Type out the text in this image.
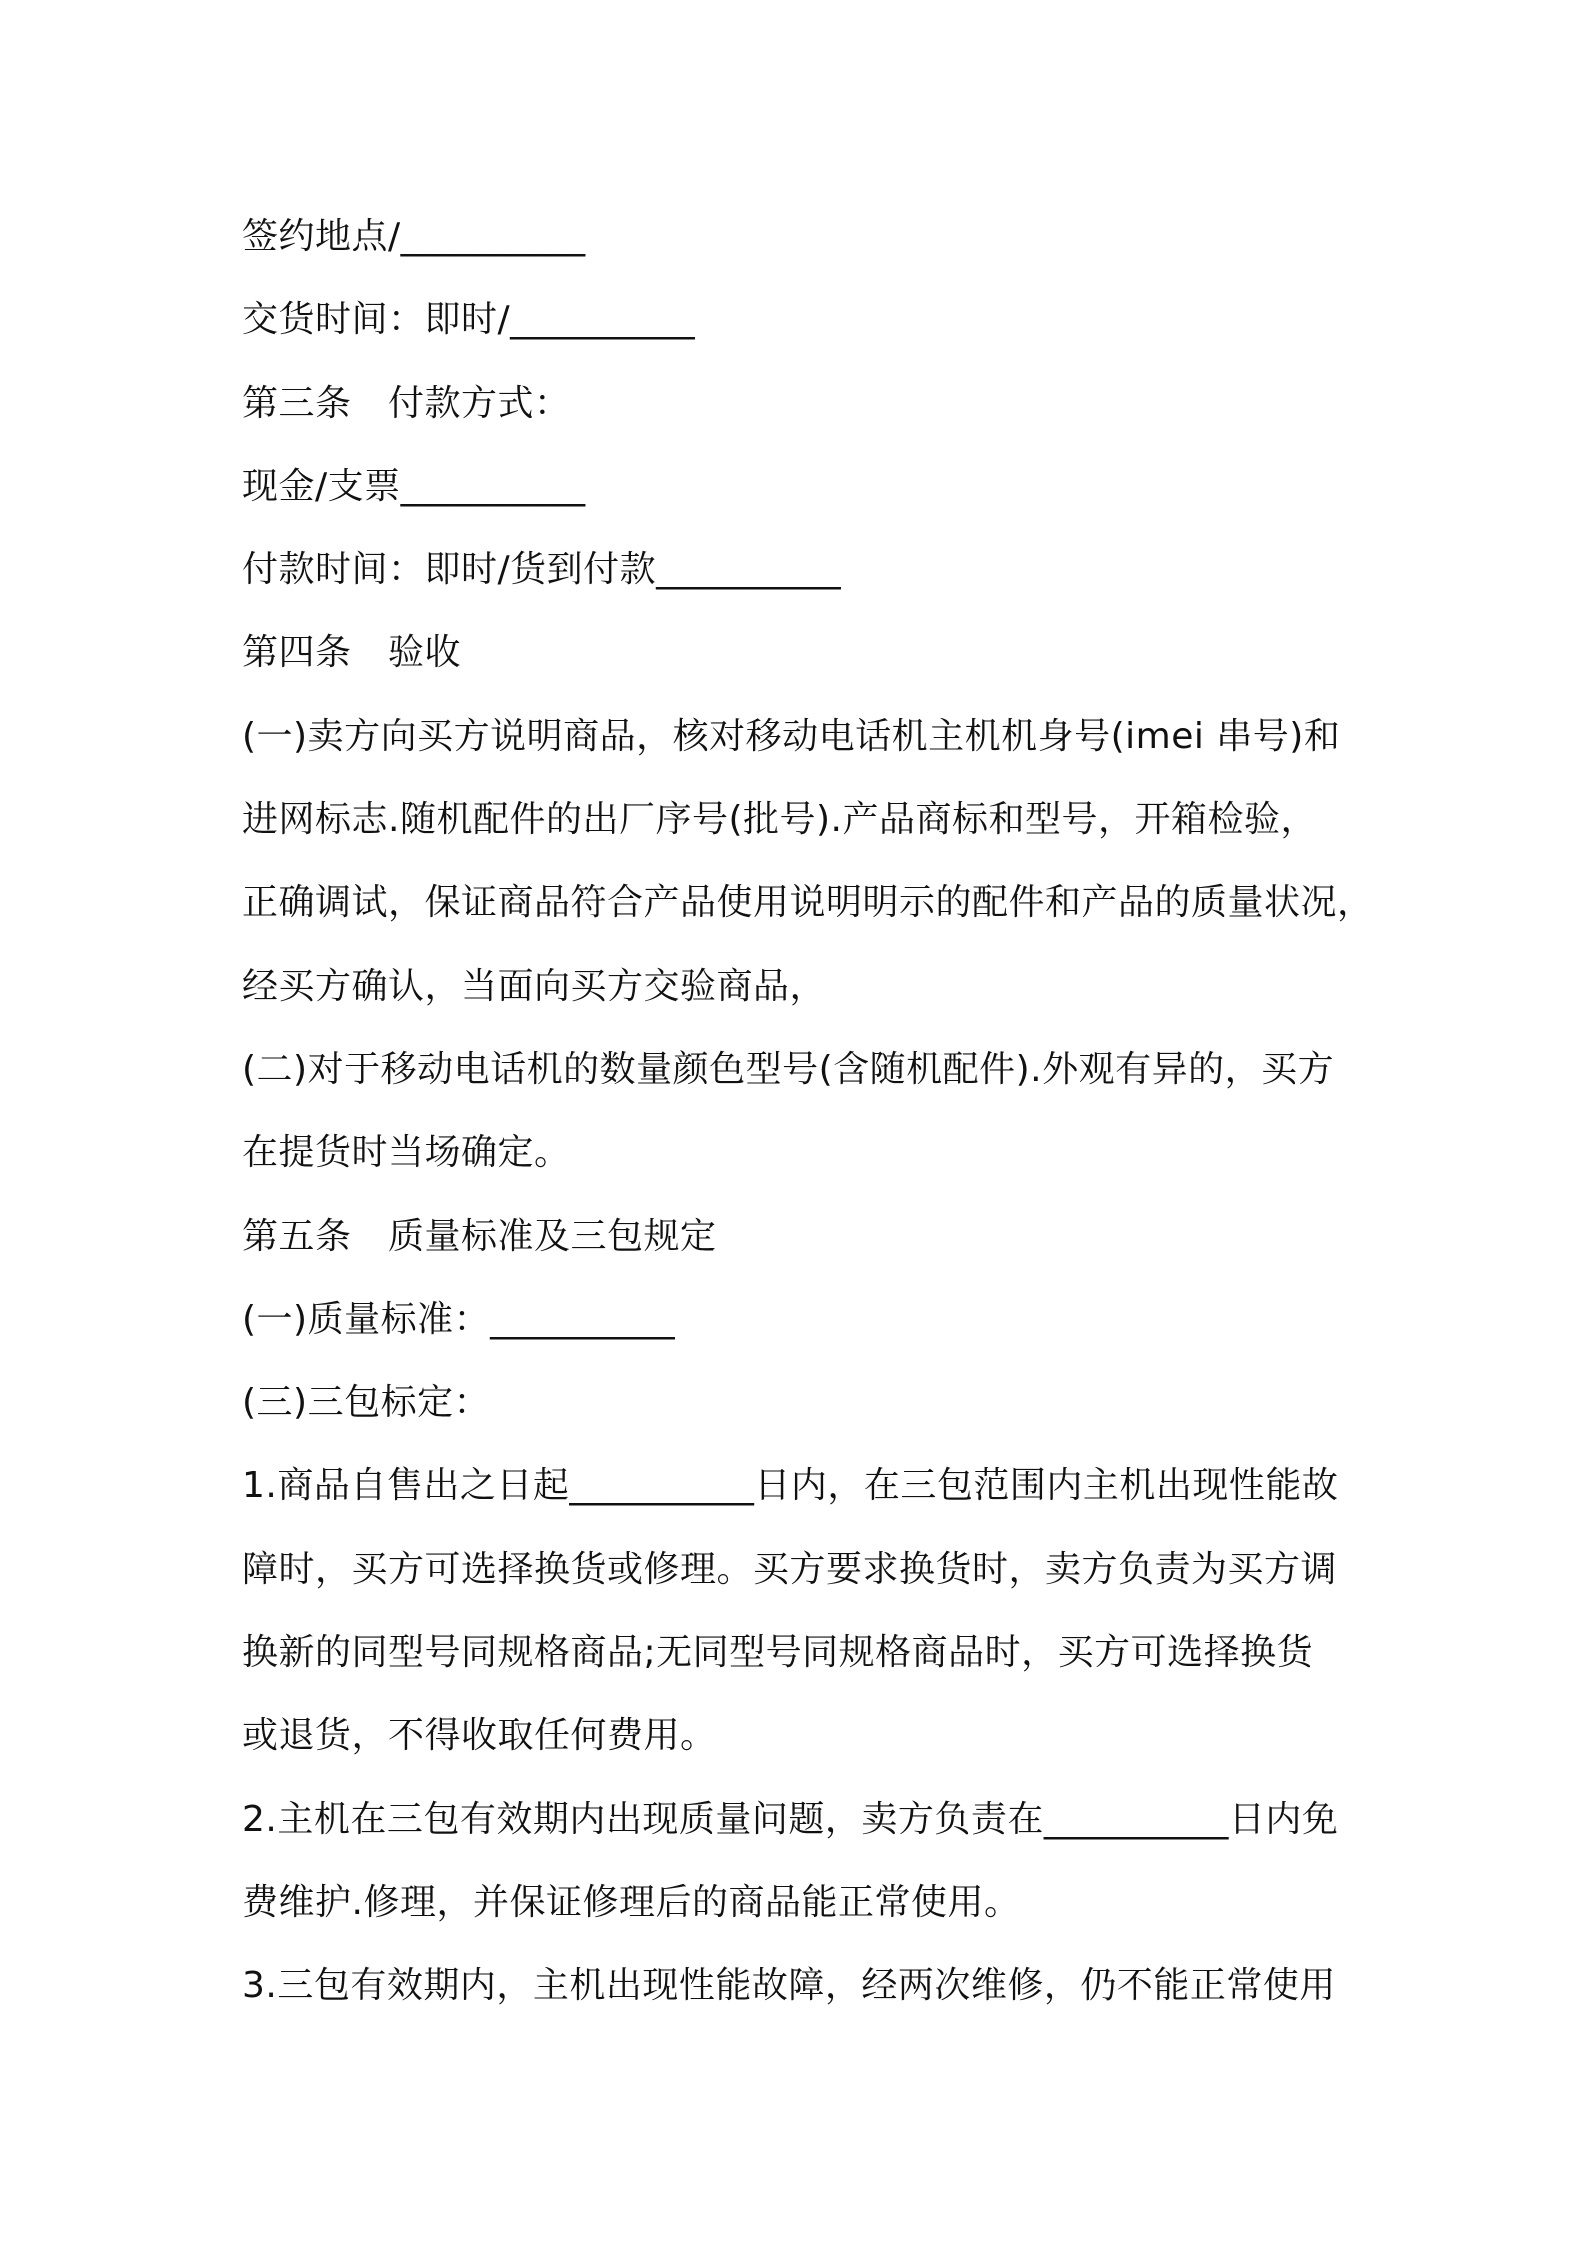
签约地点/__________
交货时间：即时/__________
第三条　付款方式：
现金/支票__________
付款时间：即时/货到付款__________
第四条　验收
(一)卖方向买方说明商品，核对移动电话机主机机身号(imei 串号)和
进网标志.随机配件的出厂序号(批号).产品商标和型号，开箱检验，
正确调试，保证商品符合产品使用说明明示的配件和产品的质量状况，
经买方确认，当面向买方交验商品，
(二)对于移动电话机的数量颜色型号(含随机配件).外观有异的，买方
在提货时当场确定。
第五条　质量标准及三包规定
(一)质量标准：__________
(三)三包标定：
1.商品自售出之日起__________日内，在三包范围内主机出现性能故
障时，买方可选择换货或修理。买方要求换货时，卖方负责为买方调
换新的同型号同规格商品;无同型号同规格商品时，买方可选择换货
或退货，不得收取任何费用。
2.主机在三包有效期内出现质量问题，卖方负责在__________日内免
费维护.修理，并保证修理后的商品能正常使用。
3.三包有效期内，主机出现性能故障，经两次维修，仍不能正常使用
